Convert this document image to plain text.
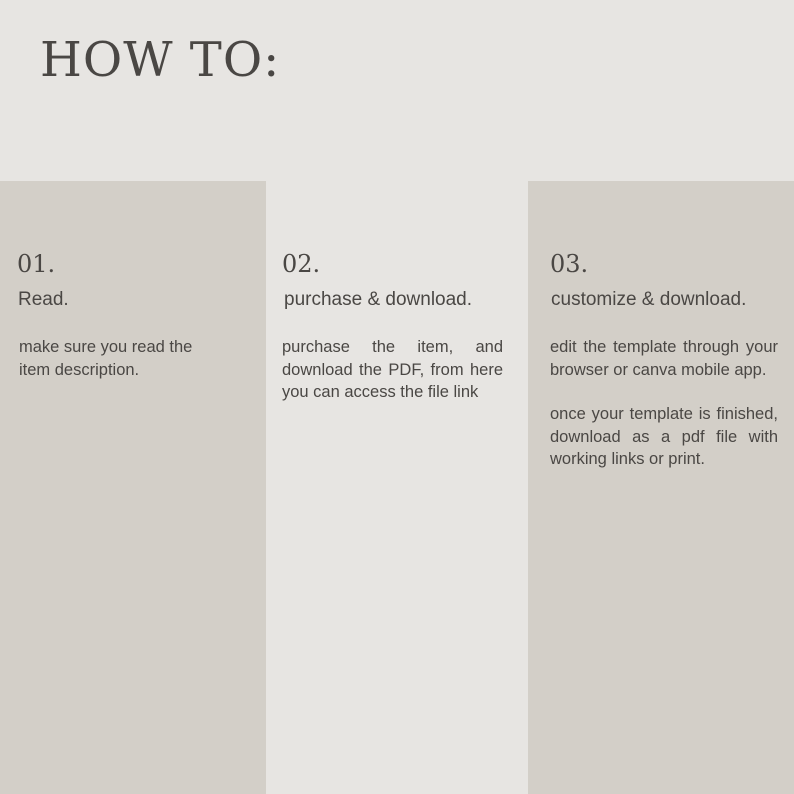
HOW TO:
01.
Read.

make sure you read the item description.

02.
purchase & download.

purchase the item, and download the PDF, from here you can access the file link

03.
customize & download.

edit the template through your browser or canva mobile app.

once your template is finished, download as a pdf file with working links or print.
